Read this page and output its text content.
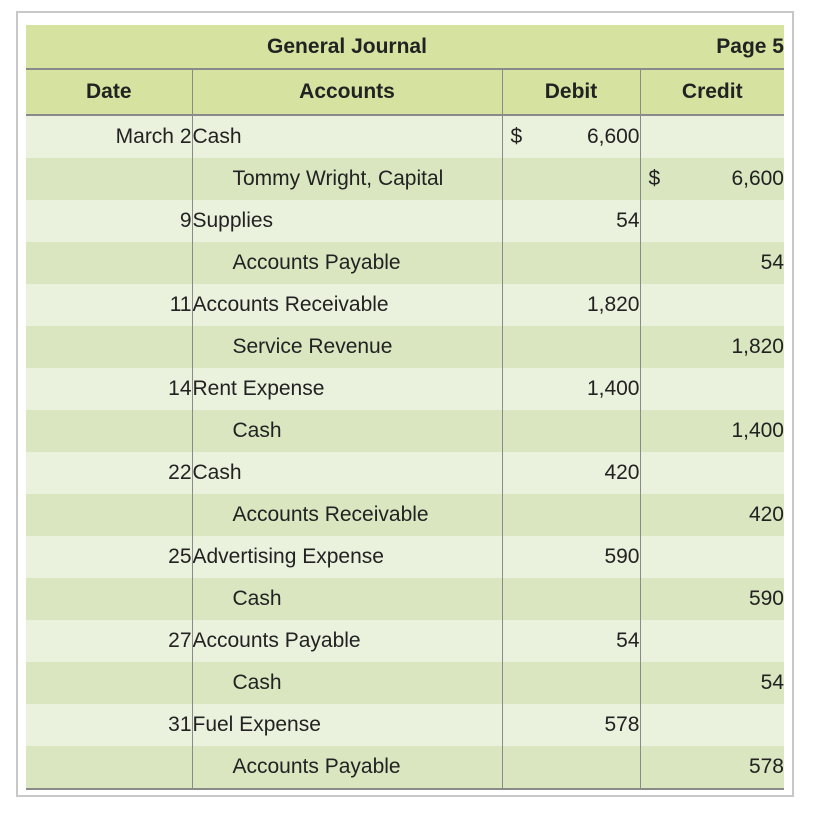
	General Journal		Page 5
Date	Accounts	Debit	Credit
March 2	Cash	$ 6,600	

	Tommy Wright, Capital		$ 6,600
9	Supplies	54	

	Accounts Payable		54
11	Accounts Receivable	1,820	

	Service Revenue		1,820
14	Rent Expense	1,400	

	Cash		1,400
22	Cash	420	

	Accounts Receivable		420
25	Advertising Expense	590	

	Cash		590
27	Accounts Payable	54	

	Cash		54
31	Fuel Expense	578	

	Accounts Payable		578
